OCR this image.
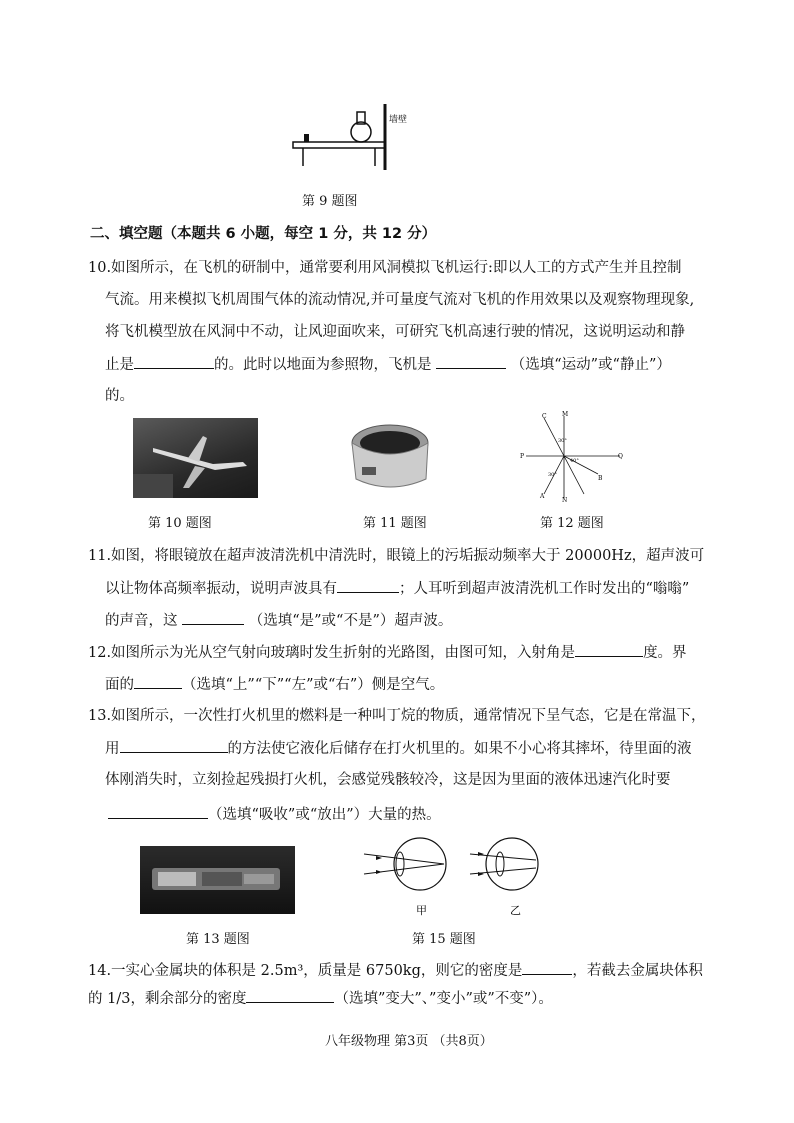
墙壁
第 9 题图
二、填空题（本题共 6 小题，每空 1 分，共 12 分）
10.如图所示，在飞机的研制中，通常要利用风洞模拟飞机运行:即以人工的方式产生并且控制
气流。用来模拟飞机周围气体的流动情况,并可量度气流对飞机的作用效果以及观察物理现象,
将飞机模型放在风洞中不动，让风迎面吹来，可研究飞机高速行驶的情况，这说明运动和静
止是	的。此时以地面为参照物，飞机是	（选填“运动”或“静止”）
的。
第 10 题图	第 11 题图
C	M
P	Q
B
A
N
30°
30°
40°
第 12 题图
11.如图，将眼镜放在超声波清洗机中清洗时，眼镜上的污垢振动频率大于 20000Hz，超声波可
以让物体高频率振动，说明声波具有	；人耳听到超声波清洗机工作时发出的“嗡嗡”
的声音，这	（选填“是”或“不是”）超声波。
12.如图所示为光从空气射向玻璃时发生折射的光路图，由图可知，入射角是	度。界
面的	（选填“上”“下”“左”或“右”）侧是空气。
13.如图所示，一次性打火机里的燃料是一种叫丁烷的物质，通常情况下呈气态，它是在常温下，
用	的方法使它液化后储存在打火机里的。如果不小心将其摔坏，待里面的液
体刚消失时，立刻捡起残损打火机，会感觉残骸较冷，这是因为里面的液体迅速汽化时要
（选填“吸收”或“放出”）大量的热。
第 13 题图
甲	乙
第 15 题图
14.一实心金属块的体积是 2.5m³，质量是 6750kg，则它的密度是	，若截去金属块体积
的 1/3，剩余部分的密度	（选填”变大”、”变小”或”不变”）。
八年级物理 第3页 （共8页）
